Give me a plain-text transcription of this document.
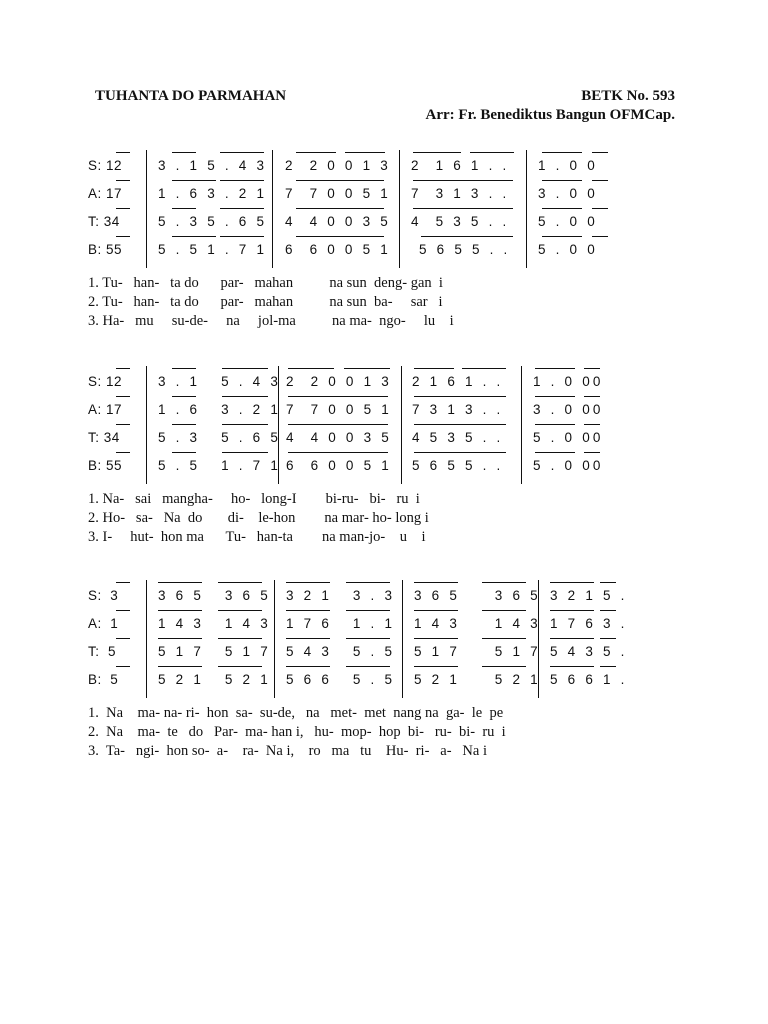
TUHANTA DO PARMAHAN	BETK No. 593
Arr: Fr. Benediktus Bangun OFMCap.
S: 12	3 . 1 5 . 4 3 2  2 0 0 1 3 2  1 6 1 . . 1 . 0 0
A: 17	1 . 6 3 . 2 1 7  7 0 0 5 1 7  3 1 3 . . 3 . 0 0
T: 34	5 . 3 5 . 6 5 4  4 0 0 3 5 4  5 3 5 . . 5 . 0 0
B: 55	5 . 5 1 . 7 1 6  6 0 0 5 1 5 6 5 5 . . 5 . 0 0
1. Tu-   han-   ta do      par-   mahan          na sun  deng- gan  i
2. Tu-   han-   ta do      par-   mahan          na sun  ba-     sar   i
3. Ha-   mu     su-de-     na     jol-ma          na ma-  ngo-     lu    i
S: 12	3 . 1   5 . 4 3 2  2 0 0 1 3 2 1 6 1 . . 1 . 0 00
A: 17	1 . 6   3 . 2 1 7  7 0 0 5 1 7 3 1 3 . . 3 . 0 00
T: 34	5 . 3   5 . 6 5 4  4 0 0 3 5 4 5 3 5 . . 5 . 0 00
B: 55	5 . 5   1 . 7 1 6  6 0 0 5 1 5 6 5 5 . . 5 . 0 00
1. Na-   sai   mangha-     ho-   long-I        bi-ru-   bi-   ru  i
2. Ho-   sa-   Na  do       di-    le-hon        na mar- ho- long i
3. I-     hut-  hon ma      Tu-   han-ta        na man-jo-    u    i
S:  3	3 6 5   3 6 5 3 2 1   3 . 3 3 6 5     3 6 5 3 2 1 5 .
A:  1	1 4 3   1 4 3 1 7 6   1 . 1 1 4 3     1 4 3 1 7 6 3 .
T:  5	5 1 7   5 1 7 5 4 3   5 . 5 5 1 7     5 1 7 5 4 3 5 .
B:  5	5 2 1   5 2 1 5 6 6   5 . 5 5 2 1     5 2 1 5 6 6 1 .
1.  Na    ma- na- ri-  hon  sa-  su-de,   na   met-  met  nang na  ga-  le  pe
2.  Na    ma-  te   do   Par-  ma- han i,   hu-  mop-  hop  bi-   ru-  bi-  ru  i
3.  Ta-   ngi-  hon so-  a-    ra-  Na i,    ro   ma   tu    Hu-  ri-   a-   Na i
